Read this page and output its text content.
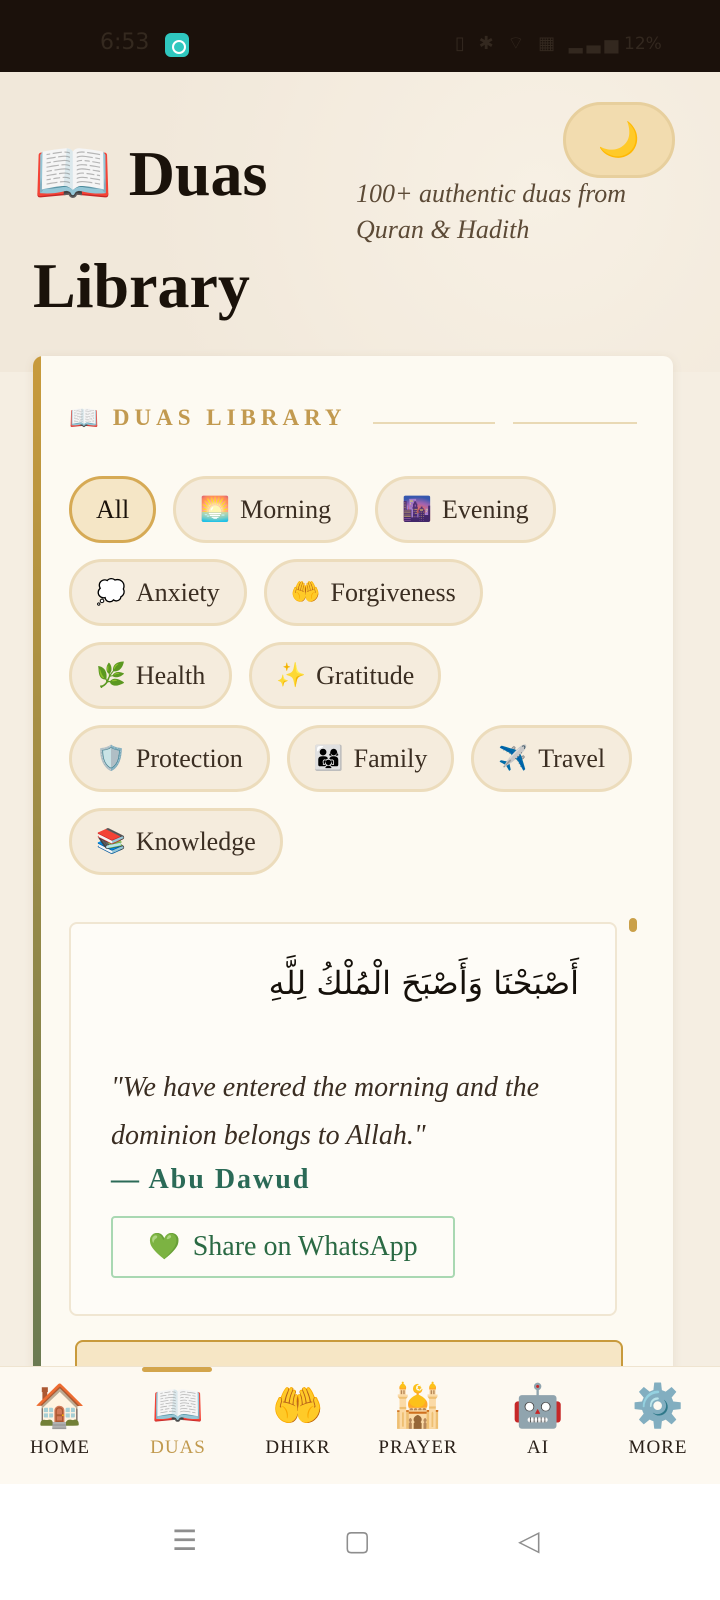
6:53	▯ ✱ ⌔ ▦ ▂▃▅ 12%
📖 Duas Library

100+ authentic duas from Quran & Hadith

🌙
📖 DUAS LIBRARY
All	🌅 Morning	🌆 Evening
💭 Anxiety	🤲 Forgiveness
🌿 Health	✨ Gratitude
🛡️ Protection	👨‍👩‍👧 Family	✈️ Travel
📚 Knowledge
أَصْبَحْنَا وَأَصْبَحَ الْمُلْكُ لِلَّهِ
"We have entered the morning and the dominion belongs to Allah."
— Abu Dawud
💚 Share on WhatsApp
🏠
HOME
📖
DUAS
🤲
DHIKR
🕌
PRAYER
🤖
AI
⚙️
MORE
☰	▢	◁
